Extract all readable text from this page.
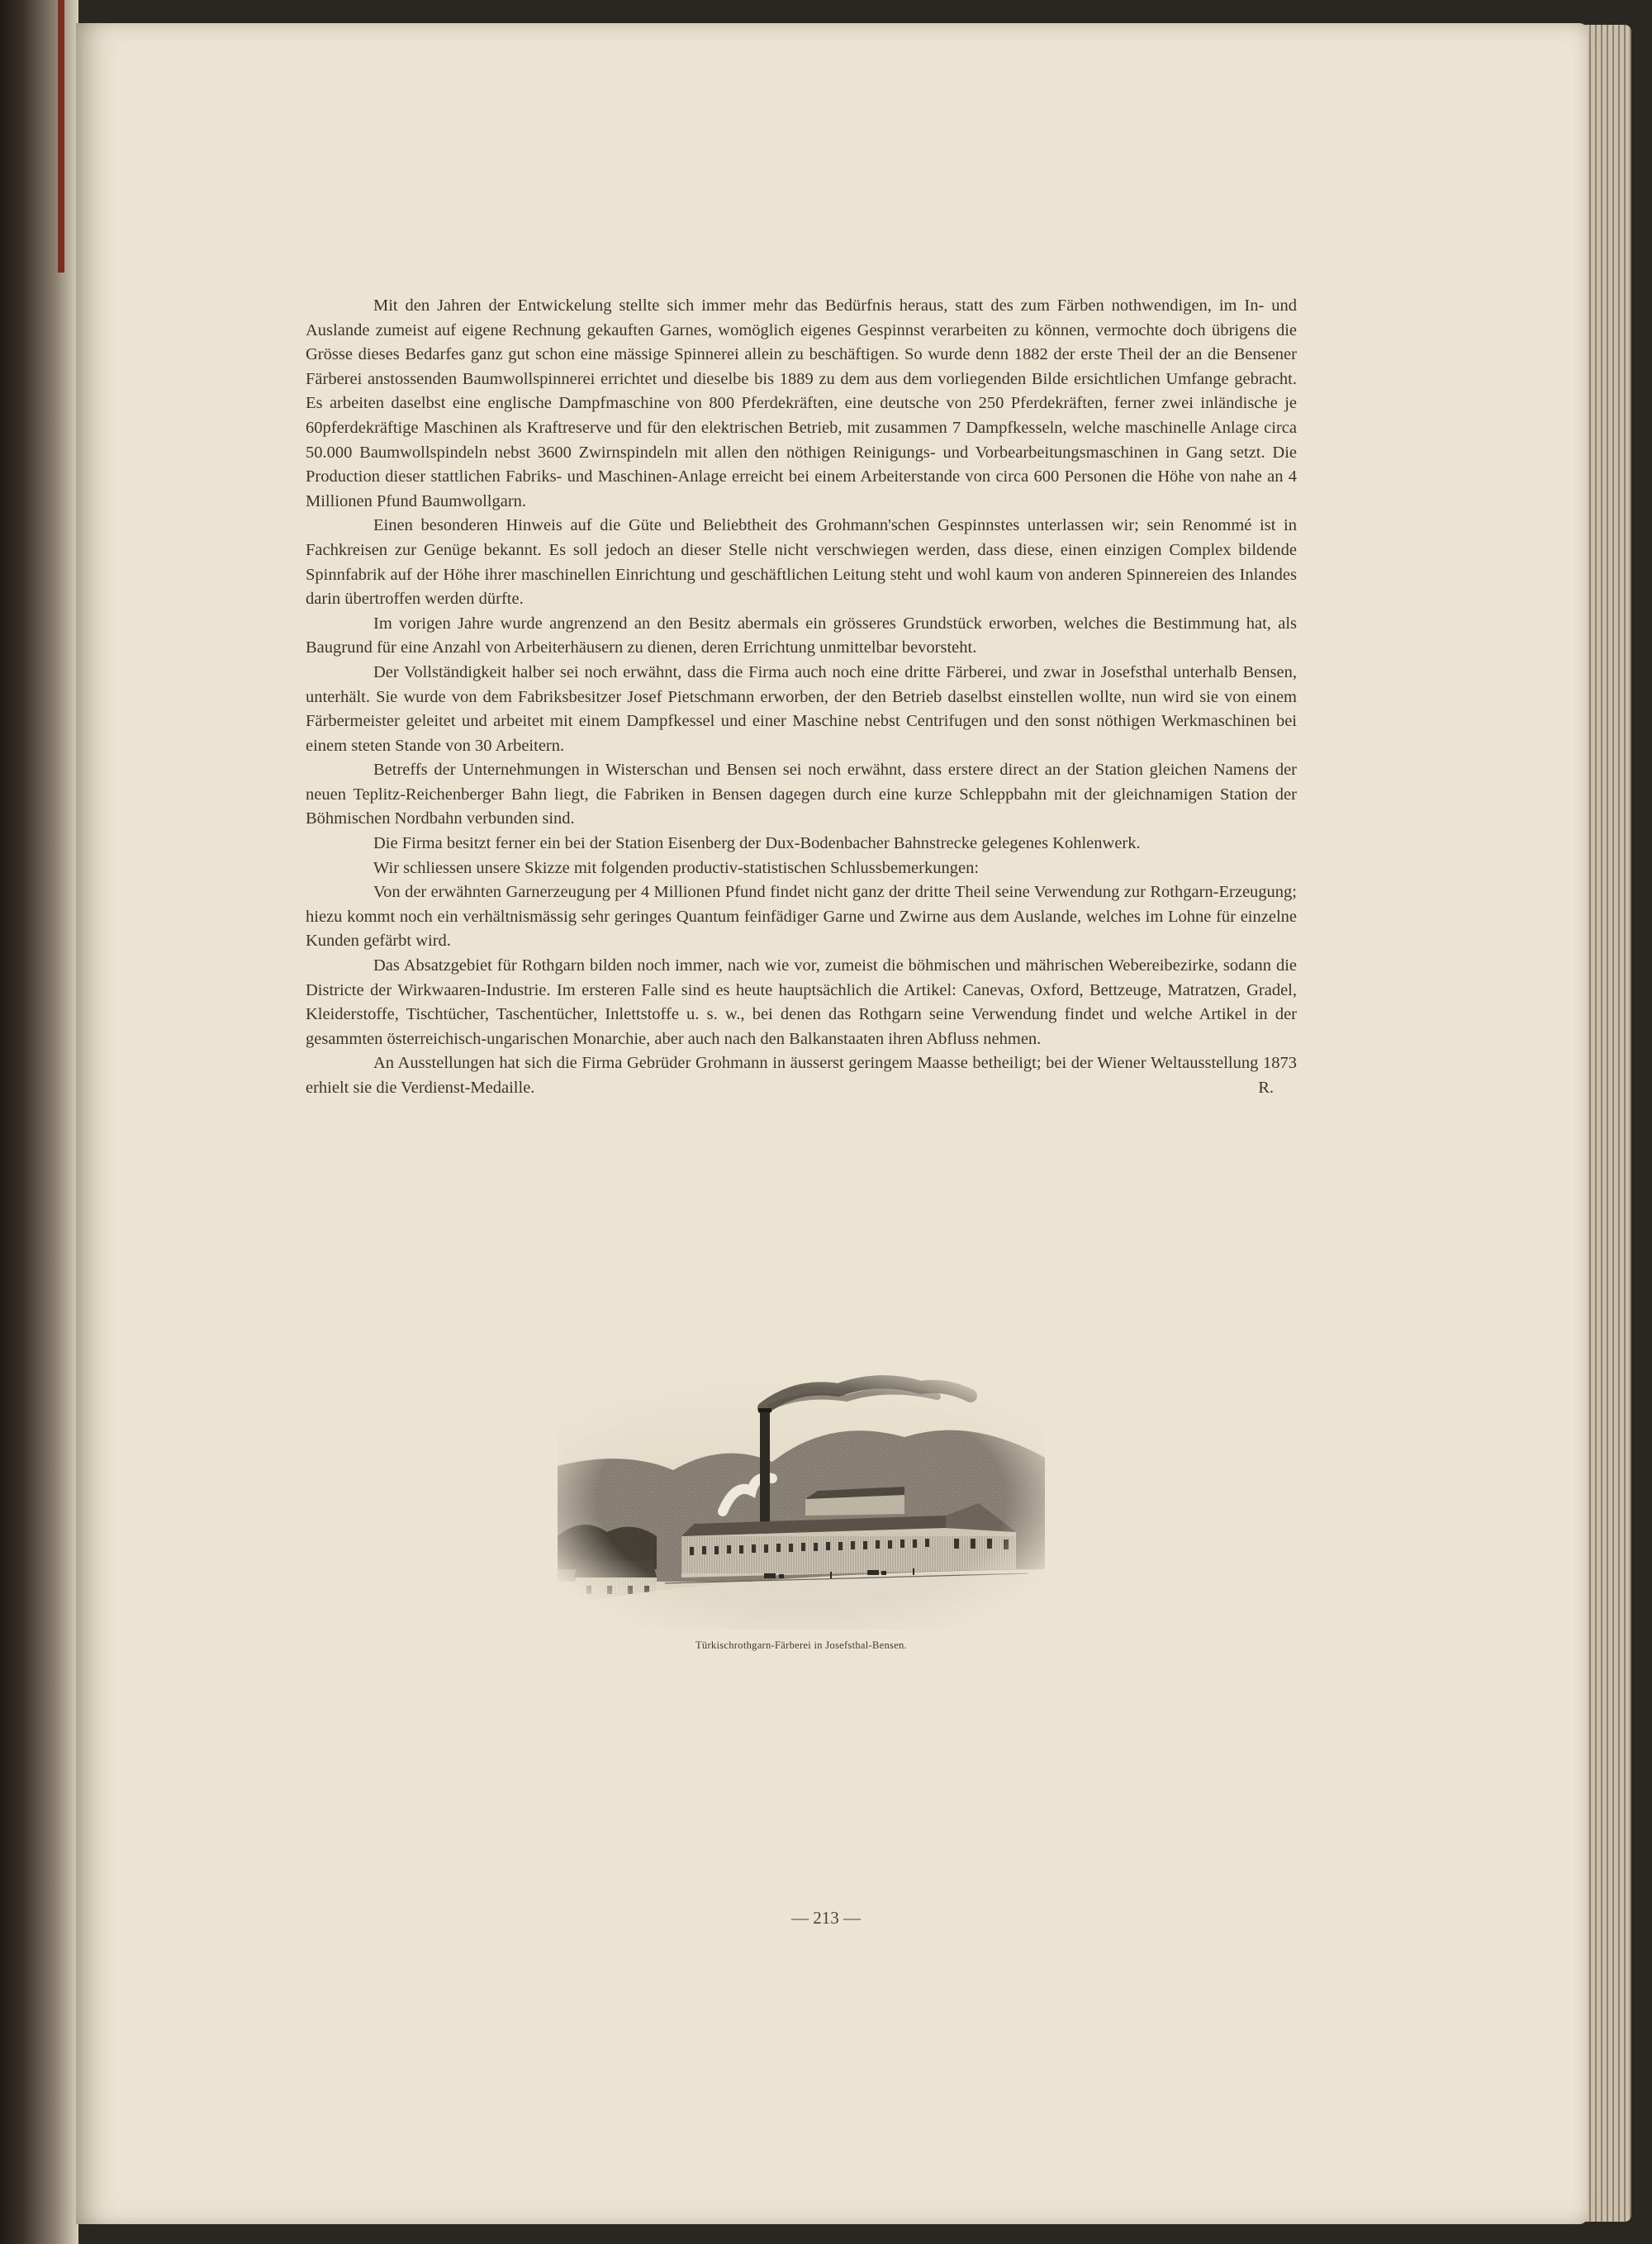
Mit den Jahren der Entwickelung stellte sich immer mehr das Bedürfnis heraus, statt des zum Färben nothwendigen, im In- und Auslande zumeist auf eigene Rechnung gekauften Garnes, womöglich eigenes Gespinnst verarbeiten zu können, vermochte doch übrigens die Grösse dieses Bedarfes ganz gut schon eine mässige Spinnerei allein zu beschäftigen. So wurde denn 1882 der erste Theil der an die Bensener Färberei anstossenden Baumwollspinnerei errichtet und dieselbe bis 1889 zu dem aus dem vorliegenden Bilde ersichtlichen Umfange gebracht. Es arbeiten daselbst eine englische Dampfmaschine von 800 Pferdekräften, eine deutsche von 250 Pferdekräften, ferner zwei inländische je 60pferdekräftige Maschinen als Kraftreserve und für den elektrischen Betrieb, mit zusammen 7 Dampfkesseln, welche maschinelle Anlage circa 50.000 Baumwollspindeln nebst 3600 Zwirnspindeln mit allen den nöthigen Reinigungs- und Vorbearbeitungsmaschinen in Gang setzt. Die Production dieser stattlichen Fabriks- und Maschinen-Anlage erreicht bei einem Arbeiterstande von circa 600 Personen die Höhe von nahe an 4 Millionen Pfund Baumwollgarn.

Einen besonderen Hinweis auf die Güte und Beliebtheit des Grohmann'schen Gespinnstes unterlassen wir; sein Renommé ist in Fachkreisen zur Genüge bekannt. Es soll jedoch an dieser Stelle nicht verschwiegen werden, dass diese, einen einzigen Complex bildende Spinnfabrik auf der Höhe ihrer maschinellen Einrichtung und geschäftlichen Leitung steht und wohl kaum von anderen Spinnereien des Inlandes darin übertroffen werden dürfte.

Im vorigen Jahre wurde angrenzend an den Besitz abermals ein grösseres Grundstück erworben, welches die Bestimmung hat, als Baugrund für eine Anzahl von Arbeiterhäusern zu dienen, deren Errichtung unmittelbar bevorsteht.

Der Vollständigkeit halber sei noch erwähnt, dass die Firma auch noch eine dritte Färberei, und zwar in Josefsthal unterhalb Bensen, unterhält. Sie wurde von dem Fabriksbesitzer Josef Pietschmann erworben, der den Betrieb daselbst einstellen wollte, nun wird sie von einem Färbermeister geleitet und arbeitet mit einem Dampfkessel und einer Maschine nebst Centrifugen und den sonst nöthigen Werkmaschinen bei einem steten Stande von 30 Arbeitern.

Betreffs der Unternehmungen in Wisterschan und Bensen sei noch erwähnt, dass erstere direct an der Station gleichen Namens der neuen Teplitz-Reichenberger Bahn liegt, die Fabriken in Bensen dagegen durch eine kurze Schleppbahn mit der gleichnamigen Station der Böhmischen Nordbahn verbunden sind.

Die Firma besitzt ferner ein bei der Station Eisenberg der Dux-Bodenbacher Bahnstrecke gelegenes Kohlenwerk.

Wir schliessen unsere Skizze mit folgenden productiv-statistischen Schlussbemerkungen:

Von der erwähnten Garnerzeugung per 4 Millionen Pfund findet nicht ganz der dritte Theil seine Verwendung zur Rothgarn-Erzeugung; hiezu kommt noch ein verhältnismässig sehr geringes Quantum feinfädiger Garne und Zwirne aus dem Auslande, welches im Lohne für einzelne Kunden gefärbt wird.

Das Absatzgebiet für Rothgarn bilden noch immer, nach wie vor, zumeist die böhmischen und mährischen Webereibezirke, sodann die Districte der Wirkwaaren-Industrie. Im ersteren Falle sind es heute hauptsächlich die Artikel: Canevas, Oxford, Bettzeuge, Matratzen, Gradel, Kleiderstoffe, Tischtücher, Taschentücher, Inlettstoffe u. s. w., bei denen das Rothgarn seine Verwendung findet und welche Artikel in der gesammten österreichisch-ungarischen Monarchie, aber auch nach den Balkanstaaten ihren Abfluss nehmen.

An Ausstellungen hat sich die Firma Gebrüder Grohmann in äusserst geringem Maasse betheiligt; bei der Wiener Weltausstellung 1873 erhielt sie die Verdienst-Medaille.	R.

Türkischrothgarn-Färberei in Josefsthal-Bensen.
— 213 —
